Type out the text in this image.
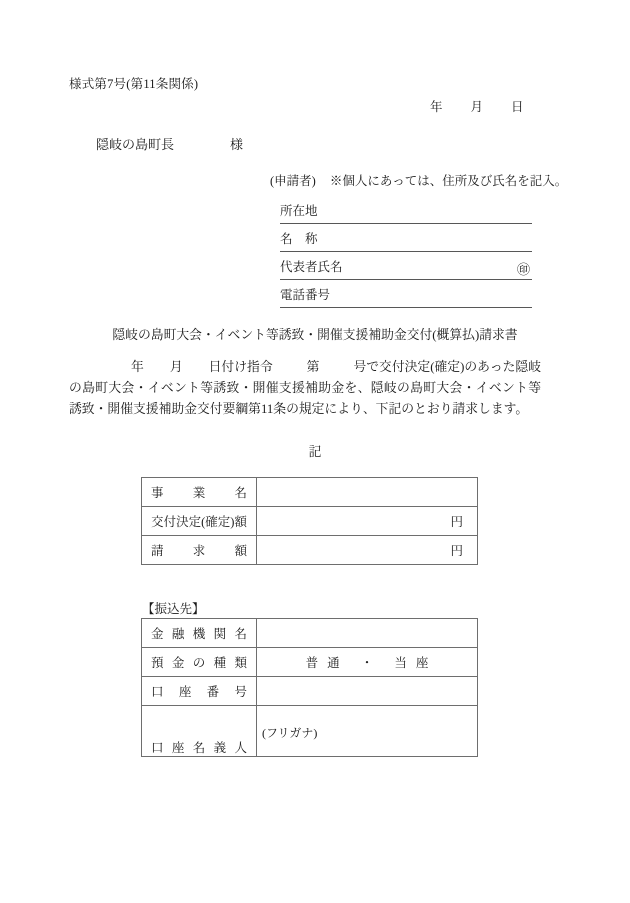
様式第7号(第11条関係)
年 月 日
隠岐の島町長	様
(申請者) ※個人にあっては、住所及び氏名を記入。
所在地
名　称
代表者氏名	㊞
電話番号
隠岐の島町大会・イベント等誘致・開催支援補助金交付(概算払)請求書
年 月 日付け指令	第	号で交付決定(確定)のあった隠岐の島町大会・イベント等誘致・開催支援補助金を、隠岐の島町大会・イベント等誘致・開催支援補助金交付要綱第11条の規定により、下記のとおり請求します。
記
事業名	

交付決定(確定)額	円

請求額	円
【振込先】
金融機関名	

預金の種類	普通 ・ 当座

口座番号	

口座名義人	(フリガナ)
